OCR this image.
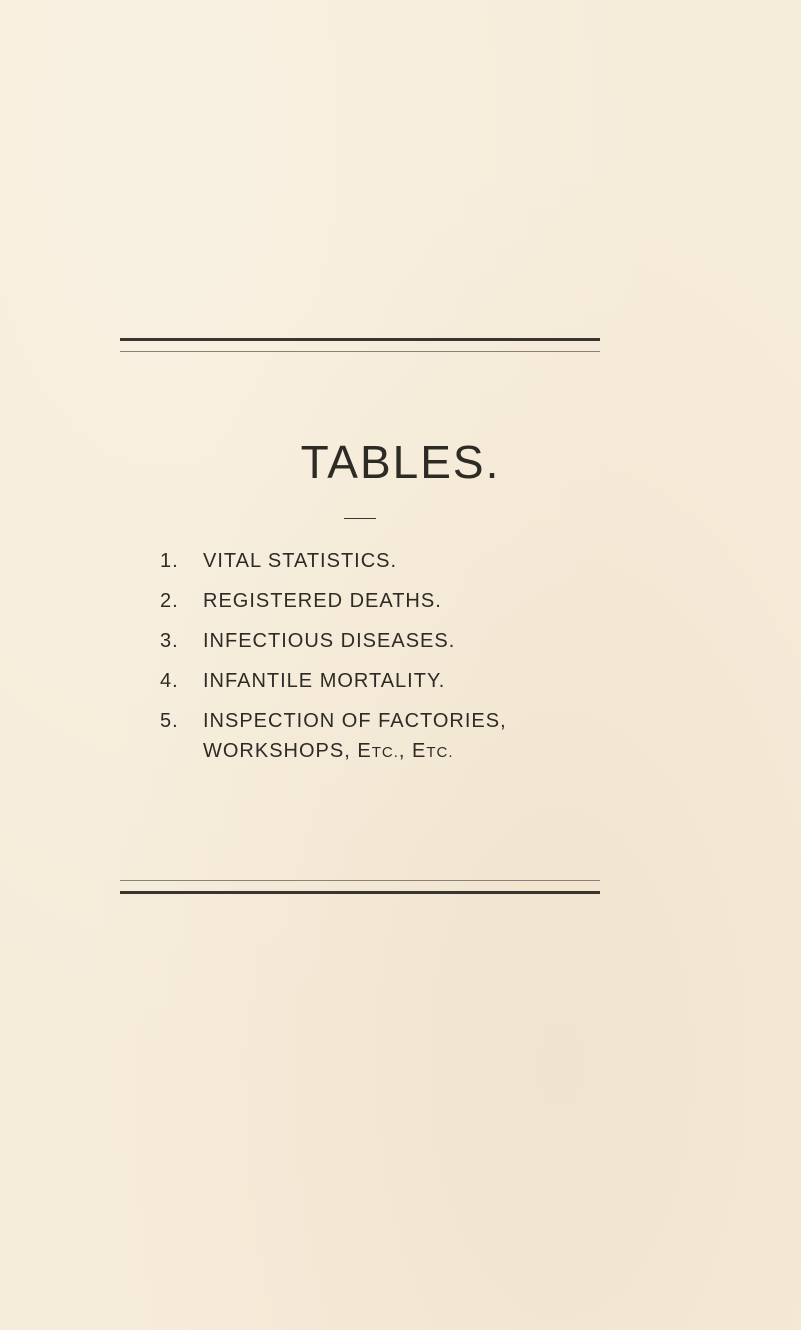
TABLES.
1. VITAL STATISTICS.
2. REGISTERED DEATHS.
3. INFECTIOUS DISEASES.
4. INFANTILE MORTALITY.
5. INSPECTION OF FACTORIES,
WORKSHOPS, ETC., ETC.
